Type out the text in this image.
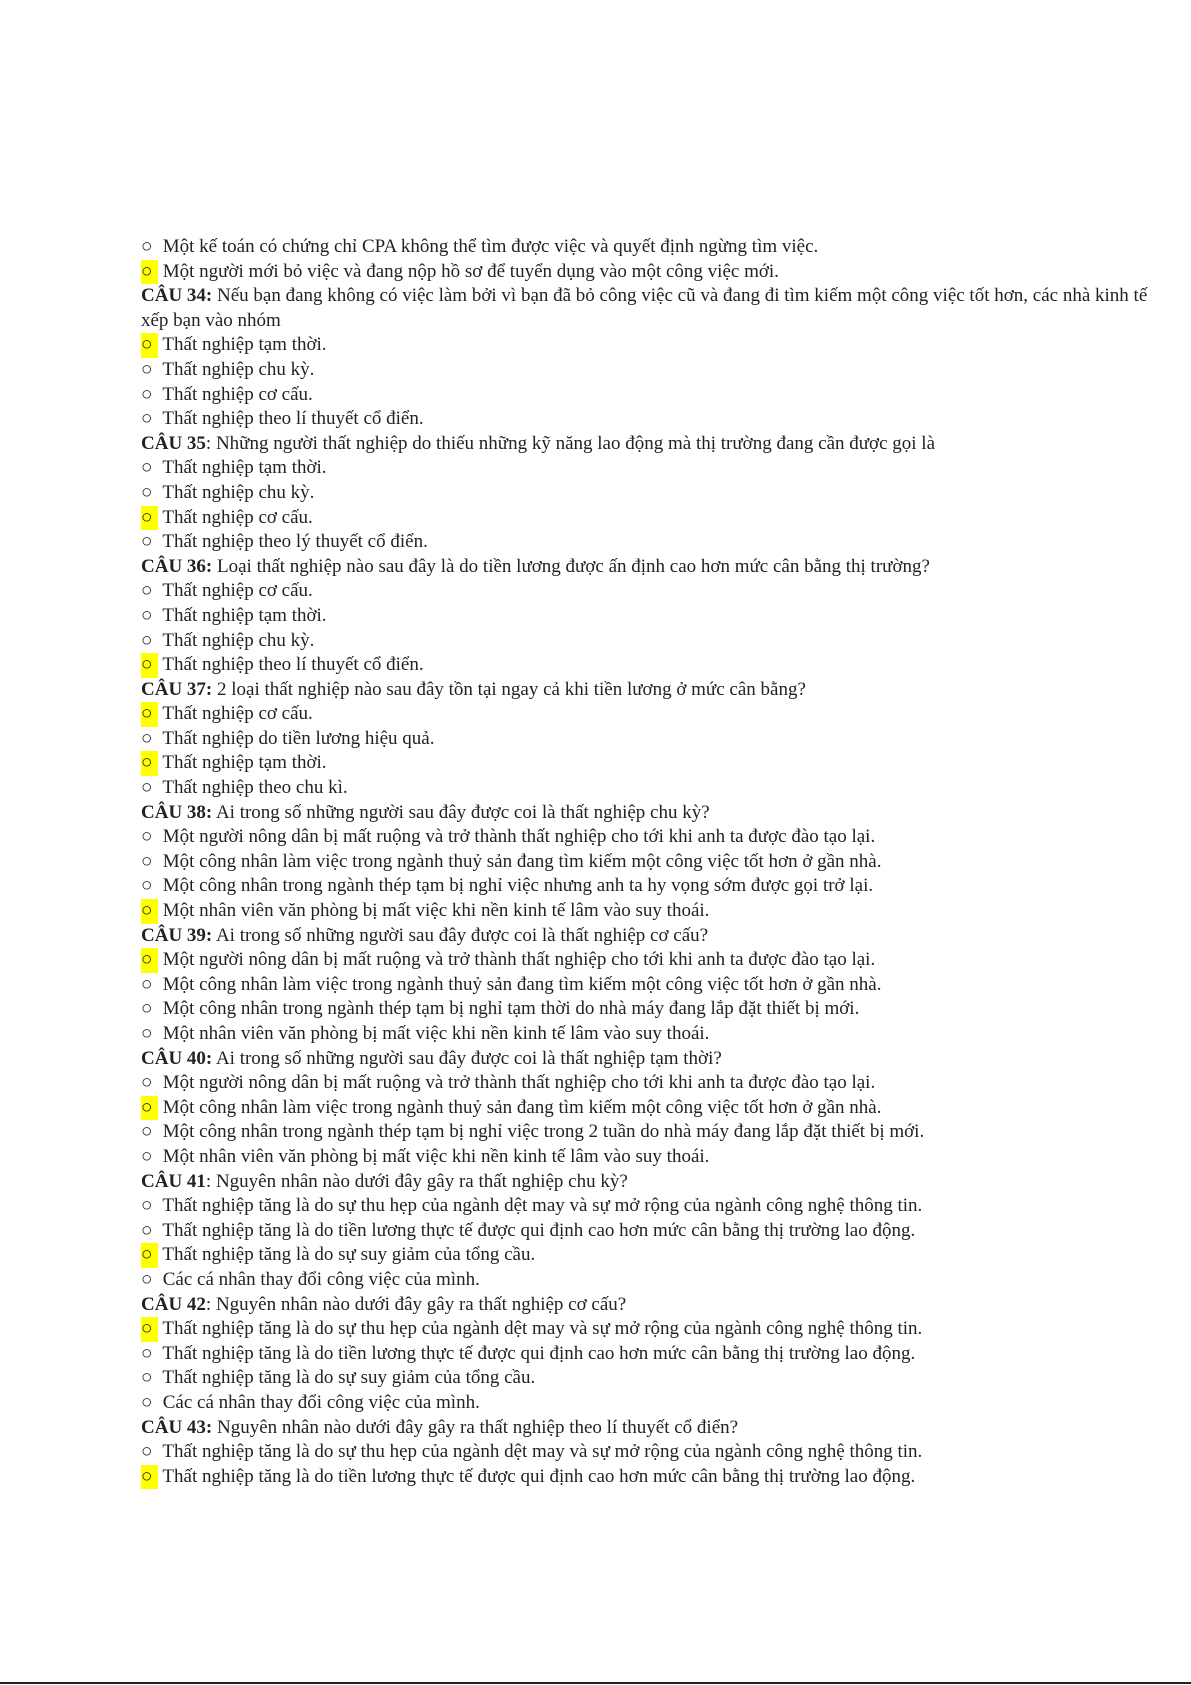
○ Một kế toán có chứng chỉ CPA không thể tìm được việc và quyết định ngừng tìm việc.
○ Một người mới bỏ việc và đang nộp hồ sơ để tuyển dụng vào một công việc mới.
CÂU 34: Nếu bạn đang không có việc làm bởi vì bạn đã bỏ công việc cũ và đang đi tìm kiếm một công việc tốt hơn, các nhà kinh tế xếp bạn vào nhóm
○ Thất nghiệp tạm thời.
○ Thất nghiệp chu kỳ.
○ Thất nghiệp cơ cấu.
○ Thất nghiệp theo lí thuyết cổ điển.
CÂU 35: Những người thất nghiệp do thiếu những kỹ năng lao động mà thị trường đang cần được gọi là
○ Thất nghiệp tạm thời.
○ Thất nghiệp chu kỳ.
○ Thất nghiệp cơ cấu.
○ Thất nghiệp theo lý thuyết cổ điển.
CÂU 36: Loại thất nghiệp nào sau đây là do tiền lương được ấn định cao hơn mức cân bằng thị trường?
○ Thất nghiệp cơ cấu.
○ Thất nghiệp tạm thời.
○ Thất nghiệp chu kỳ.
○ Thất nghiệp theo lí thuyết cổ điển.
CÂU 37: 2 loại thất nghiệp nào sau đây tồn tại ngay cả khi tiền lương ở mức cân bằng?
○ Thất nghiệp cơ cấu.
○ Thất nghiệp do tiền lương hiệu quả.
○ Thất nghiệp tạm thời.
○ Thất nghiệp theo chu kì.
CÂU 38: Ai trong số những người sau đây được coi là thất nghiệp chu kỳ?
○ Một người nông dân bị mất ruộng và trở thành thất nghiệp cho tới khi anh ta được đào tạo lại.
○ Một công nhân làm việc trong ngành thuỷ sản đang tìm kiếm một công việc tốt hơn ở gần nhà.
○ Một công nhân trong ngành thép tạm bị nghỉ việc nhưng anh ta hy vọng sớm được gọi trở lại.
○ Một nhân viên văn phòng bị mất việc khi nền kinh tế lâm vào suy thoái.
CÂU 39: Ai trong số những người sau đây được coi là thất nghiệp cơ cấu?
○ Một người nông dân bị mất ruộng và trở thành thất nghiệp cho tới khi anh ta được đào tạo lại.
○ Một công nhân làm việc trong ngành thuỷ sản đang tìm kiếm một công việc tốt hơn ở gần nhà.
○ Một công nhân trong ngành thép tạm bị nghỉ tạm thời do nhà máy đang lắp đặt thiết bị mới.
○ Một nhân viên văn phòng bị mất việc khi nền kinh tế lâm vào suy thoái.
CÂU 40: Ai trong số những người sau đây được coi là thất nghiệp tạm thời?
○ Một người nông dân bị mất ruộng và trở thành thất nghiệp cho tới khi anh ta được đào tạo lại.
○ Một công nhân làm việc trong ngành thuỷ sản đang tìm kiếm một công việc tốt hơn ở gần nhà.
○ Một công nhân trong ngành thép tạm bị nghỉ việc trong 2 tuần do nhà máy đang lắp đặt thiết bị mới.
○ Một nhân viên văn phòng bị mất việc khi nền kinh tế lâm vào suy thoái.
CÂU 41: Nguyên nhân nào dưới đây gây ra thất nghiệp chu kỳ?
○ Thất nghiệp tăng là do sự thu hẹp của ngành dệt may và sự mở rộng của ngành công nghệ thông tin.
○ Thất nghiệp tăng là do tiền lương thực tế được qui định cao hơn mức cân bằng thị trường lao động.
○ Thất nghiệp tăng là do sự suy giảm của tổng cầu.
○ Các cá nhân thay đổi công việc của mình.
CÂU 42: Nguyên nhân nào dưới đây gây ra thất nghiệp cơ cấu?
○ Thất nghiệp tăng là do sự thu hẹp của ngành dệt may và sự mở rộng của ngành công nghệ thông tin.
○ Thất nghiệp tăng là do tiền lương thực tế được qui định cao hơn mức cân bằng thị trường lao động.
○ Thất nghiệp tăng là do sự suy giảm của tổng cầu.
○ Các cá nhân thay đổi công việc của mình.
CÂU 43: Nguyên nhân nào dưới đây gây ra thất nghiệp theo lí thuyết cổ điển?
○ Thất nghiệp tăng là do sự thu hẹp của ngành dệt may và sự mở rộng của ngành công nghệ thông tin.
○ Thất nghiệp tăng là do tiền lương thực tế được qui định cao hơn mức cân bằng thị trường lao động.
